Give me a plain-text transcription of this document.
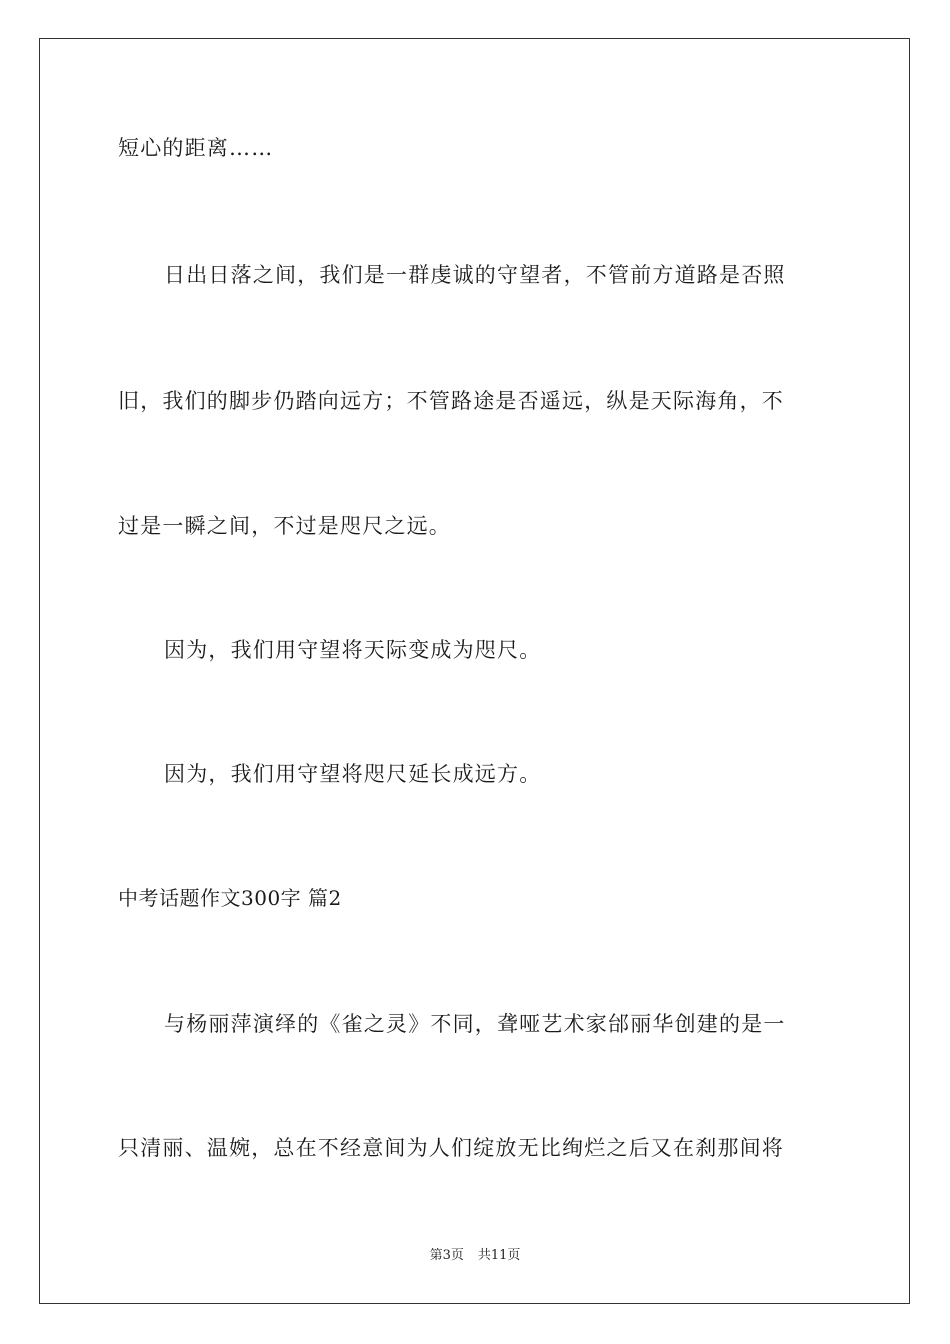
短心的距离……
日出日落之间，我们是一群虔诚的守望者，不管前方道路是否照
旧，我们的脚步仍踏向远方；不管路途是否遥远，纵是天际海角，不
过是一瞬之间，不过是咫尺之远。
因为，我们用守望将天际变成为咫尺。
因为，我们用守望将咫尺延长成远方。
中考话题作文300字 篇2
与杨丽萍演绎的《雀之灵》不同，聋哑艺术家邰丽华创建的是一
只清丽、温婉，总在不经意间为人们绽放无比绚烂之后又在刹那间将
第3页 共11页
